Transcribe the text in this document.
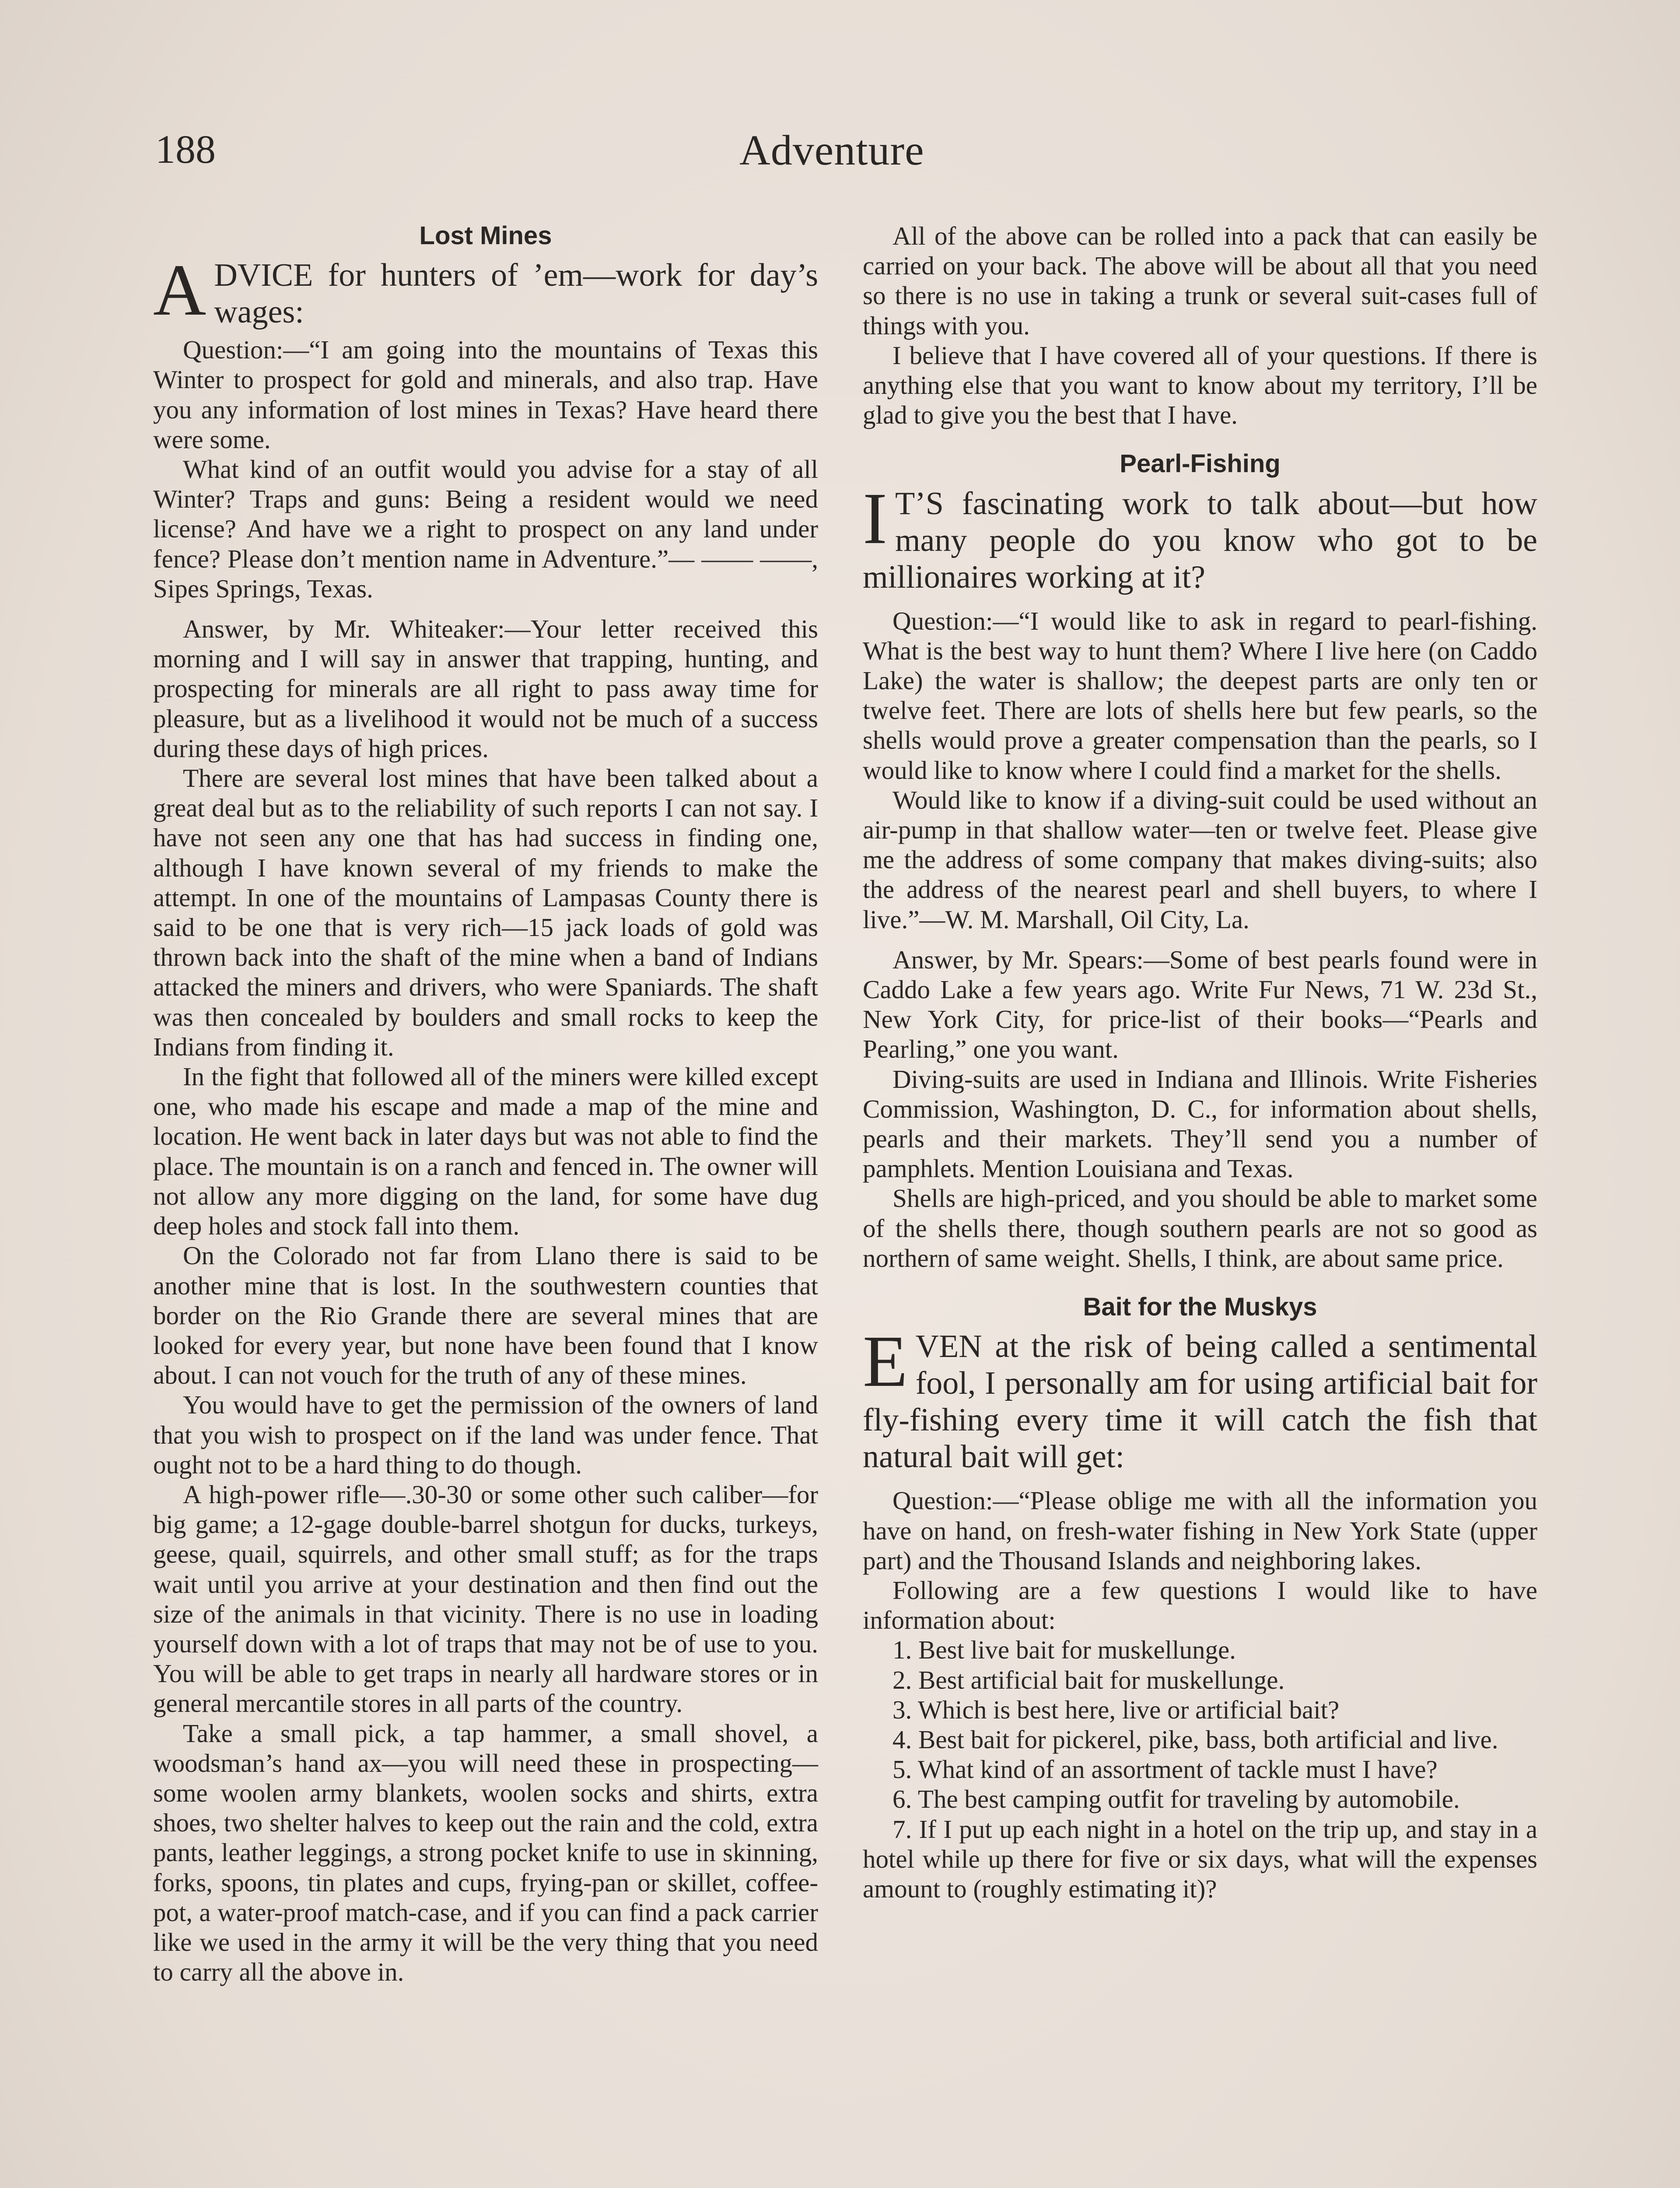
188	Adventure
Lost Mines
ADVICE for hunters of ’em—work for day’s wages:

Question:—“I am going into the mountains of Texas this Winter to prospect for gold and minerals, and also trap. Have you any information of lost mines in Texas? Have heard there were some.

What kind of an outfit would you advise for a stay of all Winter? Traps and guns: Being a resident would we need license? And have we a right to prospect on any land under fence? Please don’t mention name in Adventure.”— —— ——, Sipes Springs, Texas.

Answer, by Mr. Whiteaker:—Your letter received this morning and I will say in answer that trapping, hunting, and prospecting for minerals are all right to pass away time for pleasure, but as a livelihood it would not be much of a success during these days of high prices.

There are several lost mines that have been talked about a great deal but as to the reliability of such reports I can not say. I have not seen any one that has had success in finding one, although I have known several of my friends to make the attempt. In one of the mountains of Lampasas County there is said to be one that is very rich—15 jack loads of gold was thrown back into the shaft of the mine when a band of Indians attacked the miners and drivers, who were Spaniards. The shaft was then concealed by boulders and small rocks to keep the Indians from finding it.

In the fight that followed all of the miners were killed except one, who made his escape and made a map of the mine and location. He went back in later days but was not able to find the place. The mountain is on a ranch and fenced in. The owner will not allow any more digging on the land, for some have dug deep holes and stock fall into them.

On the Colorado not far from Llano there is said to be another mine that is lost. In the southwestern counties that border on the Rio Grande there are several mines that are looked for every year, but none have been found that I know about. I can not vouch for the truth of any of these mines.

You would have to get the permission of the owners of land that you wish to prospect on if the land was under fence. That ought not to be a hard thing to do though.

A high-power rifle—.30-30 or some other such caliber—for big game; a 12-gage double-barrel shotgun for ducks, turkeys, geese, quail, squirrels, and other small stuff; as for the traps wait until you arrive at your destination and then find out the size of the animals in that vicinity. There is no use in loading yourself down with a lot of traps that may not be of use to you. You will be able to get traps in nearly all hardware stores or in general mercantile stores in all parts of the country.

Take a small pick, a tap hammer, a small shovel, a woodsman’s hand ax—you will need these in prospecting—some woolen army blankets, woolen socks and shirts, extra shoes, two shelter halves to keep out the rain and the cold, extra pants, leather leggings, a strong pocket knife to use in skinning, forks, spoons, tin plates and cups, frying-pan or skillet, coffee-pot, a water-proof match-case, and if you can find a pack carrier like we used in the army it will be the very thing that you need to carry all the above in.

All of the above can be rolled into a pack that can easily be carried on your back. The above will be about all that you need so there is no use in taking a trunk or several suit-cases full of things with you.

I believe that I have covered all of your questions. If there is anything else that you want to know about my territory, I’ll be glad to give you the best that I have.

Pearl-Fishing
I T’S fascinating work to talk about—but how many people do you know who got to be millionaires working at it?

Question:—“I would like to ask in regard to pearl-fishing. What is the best way to hunt them? Where I live here (on Caddo Lake) the water is shallow; the deepest parts are only ten or twelve feet. There are lots of shells here but few pearls, so the shells would prove a greater compensation than the pearls, so I would like to know where I could find a market for the shells.

Would like to know if a diving-suit could be used without an air-pump in that shallow water—ten or twelve feet. Please give me the address of some company that makes diving-suits; also the address of the nearest pearl and shell buyers, to where I live.”—W. M. Marshall, Oil City, La.

Answer, by Mr. Spears:—Some of best pearls found were in Caddo Lake a few years ago. Write Fur News, 71 W. 23d St., New York City, for price-list of their books—“Pearls and Pearling,” one you want.

Diving-suits are used in Indiana and Illinois. Write Fisheries Commission, Washington, D. C., for information about shells, pearls and their markets. They’ll send you a number of pamphlets. Mention Louisiana and Texas.

Shells are high-priced, and you should be able to market some of the shells there, though southern pearls are not so good as northern of same weight. Shells, I think, are about same price.

Bait for the Muskys
EVEN at the risk of being called a sentimental fool, I personally am for using artificial bait for fly-fishing every time it will catch the fish that natural bait will get:

Question:—“Please oblige me with all the information you have on hand, on fresh-water fishing in New York State (upper part) and the Thousand Islands and neighboring lakes.

Following are a few questions I would like to have information about:

1. Best live bait for muskellunge.

2. Best artificial bait for muskellunge.

3. Which is best here, live or artificial bait?

4. Best bait for pickerel, pike, bass, both artificial and live.

5. What kind of an assortment of tackle must I have?

6. The best camping outfit for traveling by automobile.

7. If I put up each night in a hotel on the trip up, and stay in a hotel while up there for five or six days, what will the expenses amount to (roughly estimating it)?
